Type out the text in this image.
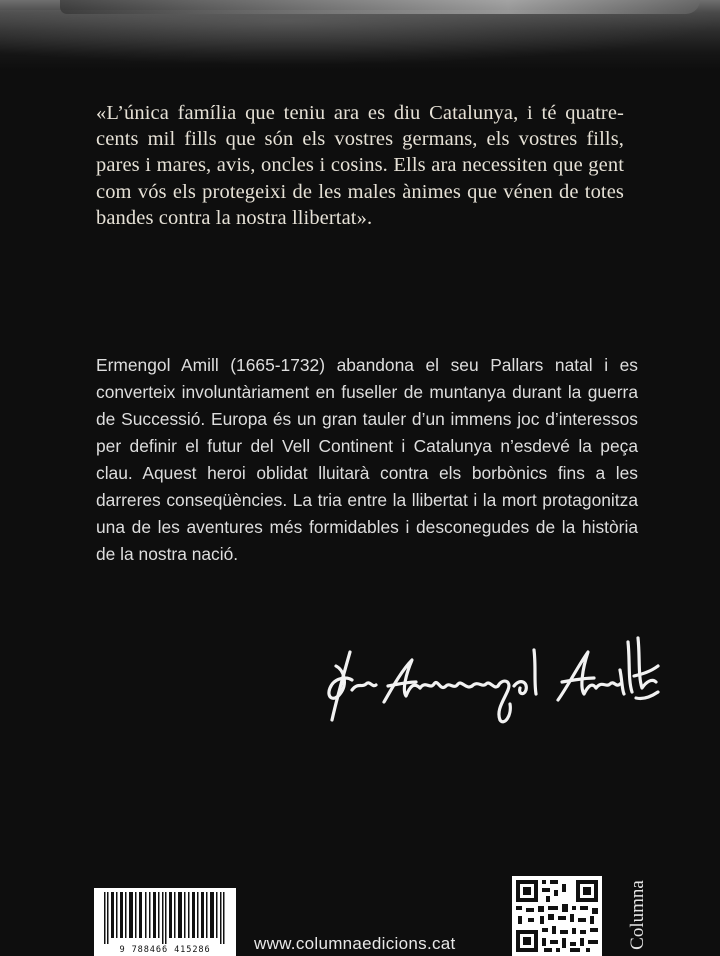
«L’única família que teniu ara es diu Catalunya, i té quatre-cents mil fills que són els vostres germans, els vostres fills, pares i mares, avis, oncles i cosins. Ells ara necessiten que gent com vós els protegeixi de les males ànimes que vénen de totes bandes contra la nostra llibertat».
Ermengol Amill (1665-1732) abandona el seu Pallars natal i es converteix involuntàriament en fuseller de muntanya durant la guerra de Successió. Europa és un gran tauler d’un immens joc d’interessos per definir el futur del Vell Continent i Catalunya n’esdevé la peça clau. Aquest heroi oblidat lluitarà contra els borbònics fins a les darreres conseqüències. La tria entre la llibertat i la mort protagonitza una de les aventures més formidables i desconegudes de la història de la nostra nació.
9 788466 415286	www.columnaedicions.cat	Columna
